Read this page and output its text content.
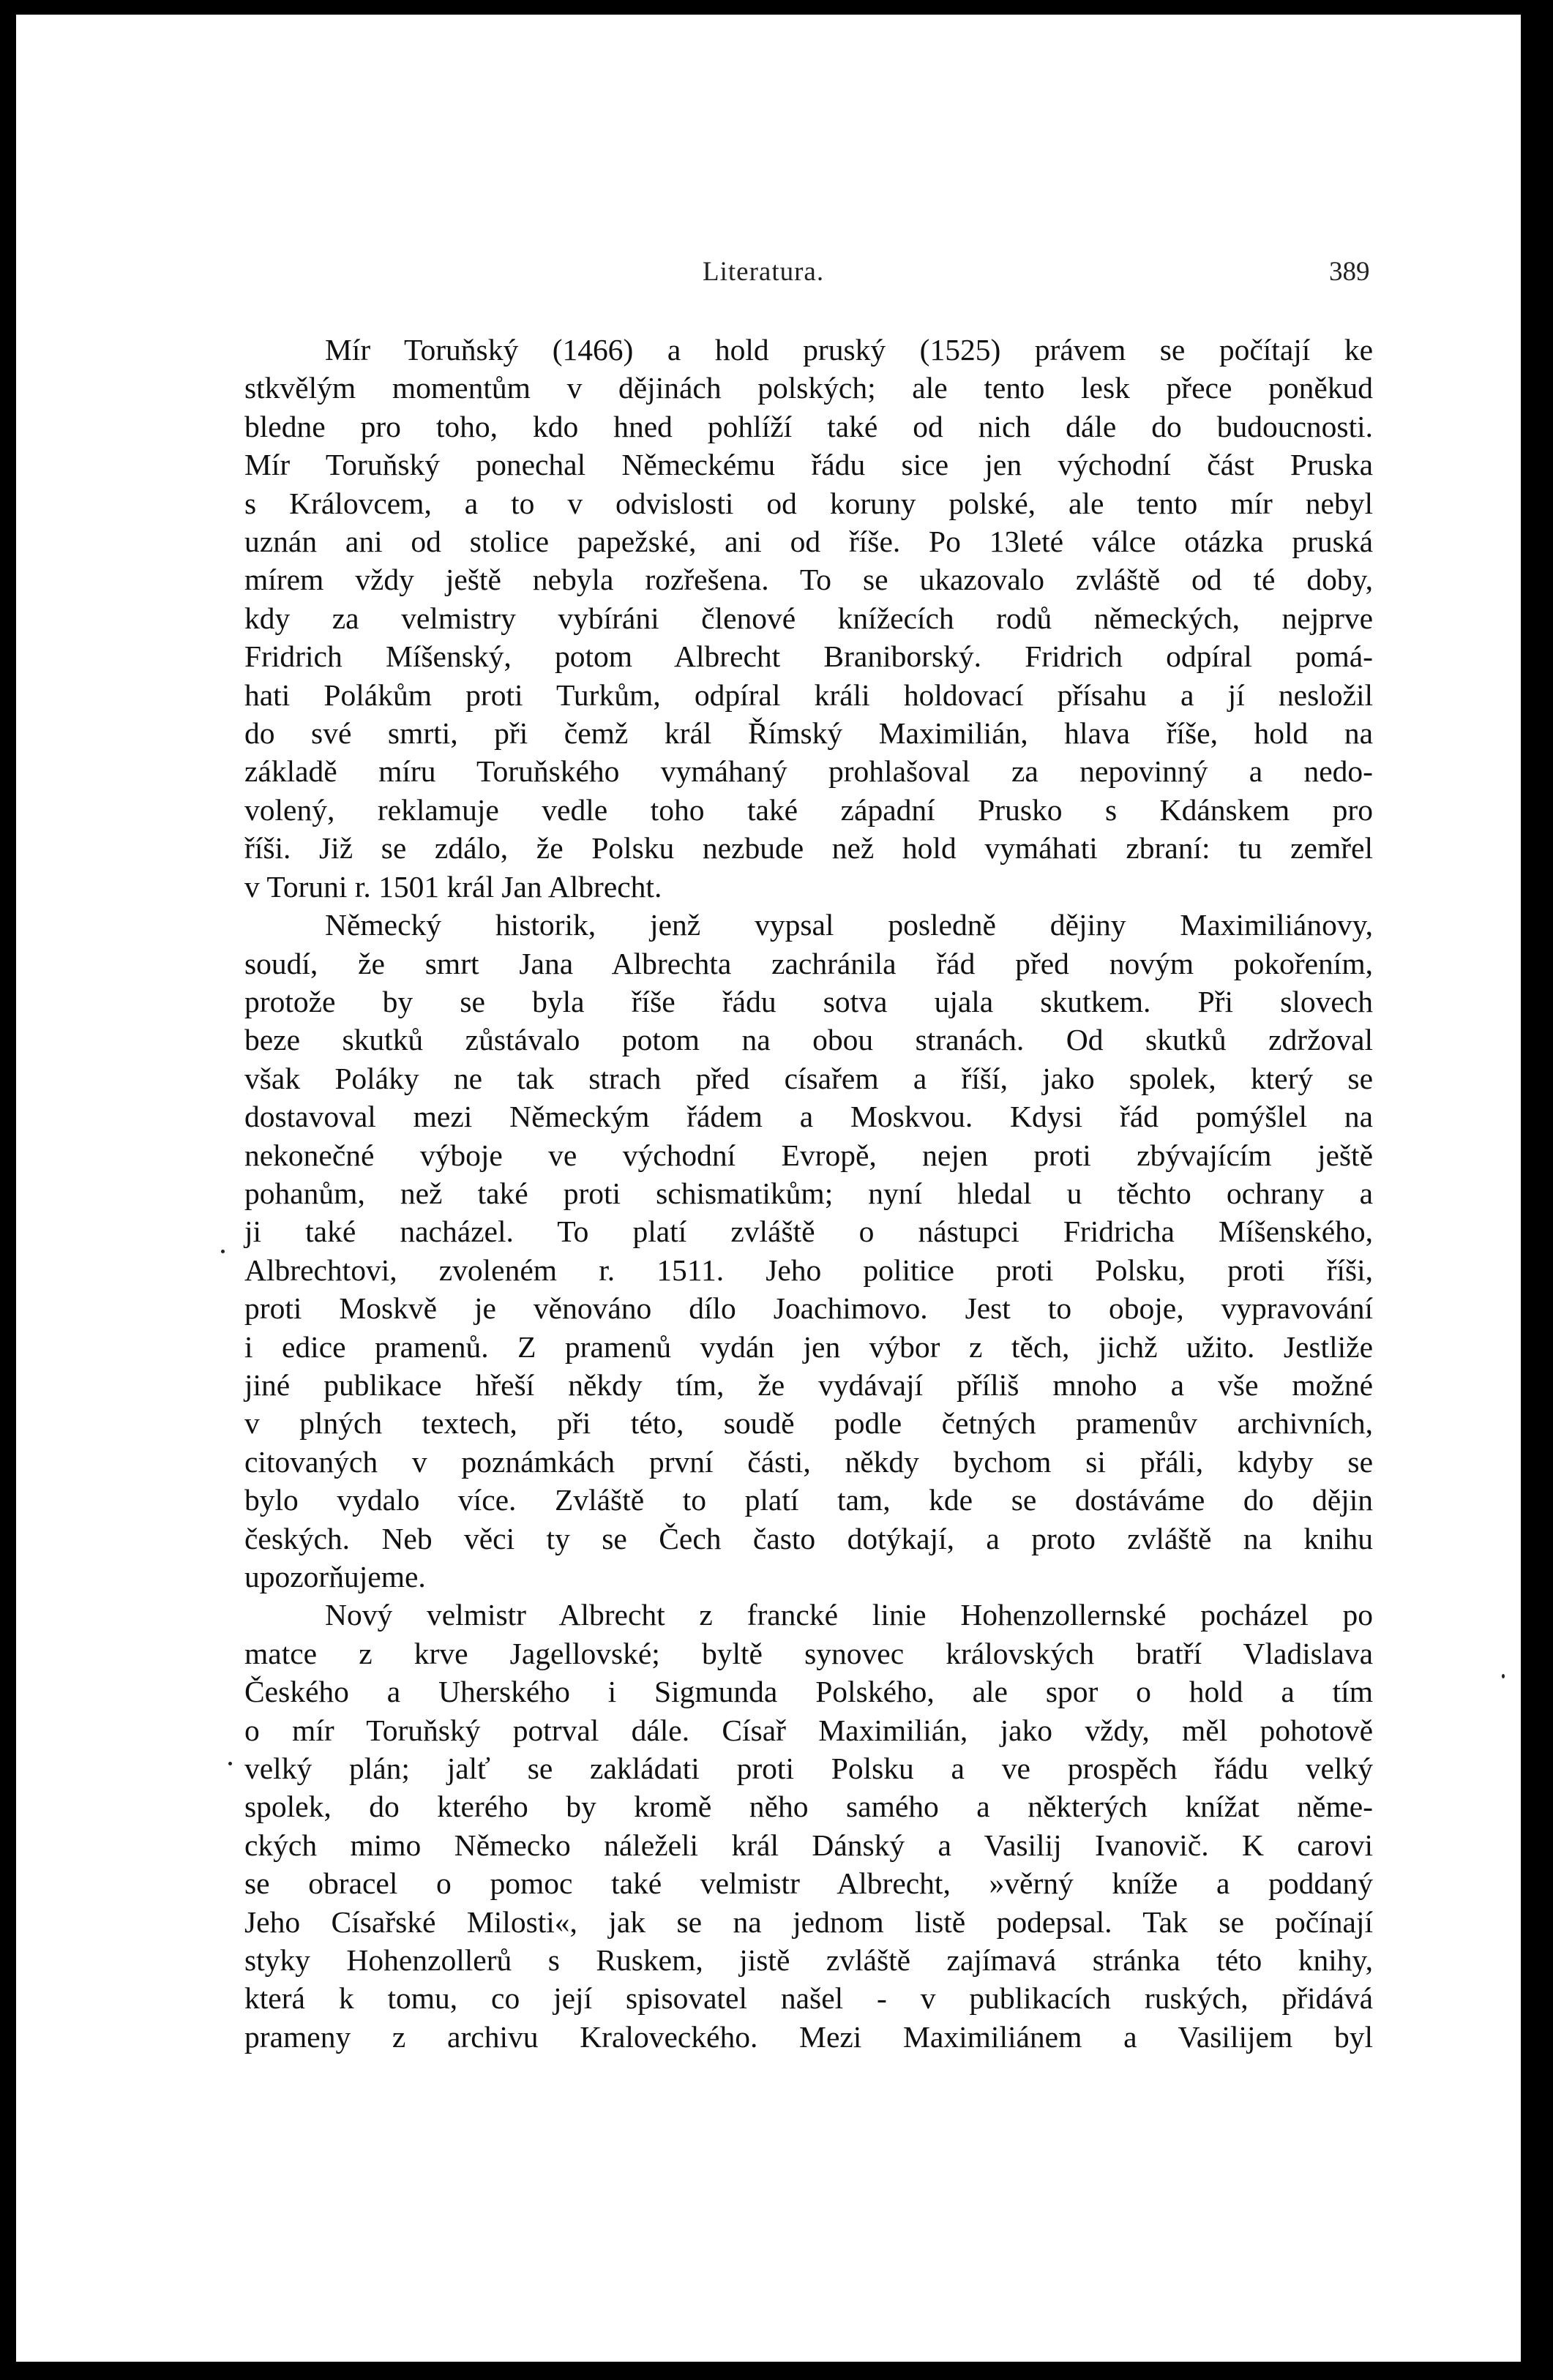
Literatura.	389

Mír Toruňský (1466) a hold pruský (1525) právem se počítají ke
stkvělým momentům v dějinách polských; ale tento lesk přece poněkud
bledne pro toho, kdo hned pohlíží také od nich dále do budoucnosti.
Mír Toruňský ponechal Německému řádu sice jen východní část Pruska
s Královcem, a to v odvislosti od koruny polské, ale tento mír nebyl
uznán ani od stolice papežské, ani od říše. Po 13leté válce otázka pruská
mírem vždy ještě nebyla rozřešena. To se ukazovalo zvláště od té doby,
kdy za velmistry vybíráni členové knížecích rodů německých, nejprve
Fridrich Míšenský, potom Albrecht Braniborský. Fridrich odpíral pomá-
hati Polákům proti Turkům, odpíral králi holdovací přísahu a jí nesložil
do své smrti, při čemž král Římský Maximilián, hlava říše, hold na
základě míru Toruňského vymáhaný prohlašoval za nepovinný a nedo-
volený, reklamuje vedle toho také západní Prusko s Kdánskem pro
říši. Již se zdálo, že Polsku nezbude než hold vymáhati zbraní: tu zemřel
v Toruni r. 1501 král Jan Albrecht.

Německý historik, jenž vypsal posledně dějiny Maximiliánovy,
soudí, že smrt Jana Albrechta zachránila řád před novým pokořením,
protože by se byla říše řádu sotva ujala skutkem. Při slovech
beze skutků zůstávalo potom na obou stranách. Od skutků zdržoval
však Poláky ne tak strach před císařem a říší, jako spolek, který se
dostavoval mezi Německým řádem a Moskvou. Kdysi řád pomýšlel na
nekonečné výboje ve východní Evropě, nejen proti zbývajícím ještě
pohanům, než také proti schismatikům; nyní hledal u těchto ochrany a
ji také nacházel. To platí zvláště o nástupci Fridricha Míšenského,
Albrechtovi, zvoleném r. 1511. Jeho politice proti Polsku, proti říši,
proti Moskvě je věnováno dílo Joachimovo. Jest to oboje, vypravování
i edice pramenů. Z pramenů vydán jen výbor z těch, jichž užito. Jestliže
jiné publikace hřeší někdy tím, že vydávají příliš mnoho a vše možné
v plných textech, při této, soudě podle četných pramenův archivních,
citovaných v poznámkách první části, někdy bychom si přáli, kdyby se
bylo vydalo více. Zvláště to platí tam, kde se dostáváme do dějin
českých. Neb věci ty se Čech často dotýkají, a proto zvláště na knihu
upozorňujeme.

Nový velmistr Albrecht z francké linie Hohenzollernské pocházel po
matce z krve Jagellovské; byltě synovec královských bratří Vladislava
Českého a Uherského i Sigmunda Polského, ale spor o hold a tím
o mír Toruňský potrval dále. Císař Maximilián, jako vždy, měl pohotově
velký plán; jalť se zakládati proti Polsku a ve prospěch řádu velký
spolek, do kterého by kromě něho samého a některých knížat něme-
ckých mimo Německo náleželi král Dánský a Vasilij Ivanovič. K carovi
se obracel o pomoc také velmistr Albrecht, »věrný kníže a poddaný
Jeho Císařské Milosti«, jak se na jednom listě podepsal. Tak se počínají
styky Hohenzollerů s Ruskem, jistě zvláště zajímavá stránka této knihy,
která k tomu, co její spisovatel našel - v publikacích ruských, přidává
prameny z archivu Kraloveckého. Mezi Maximiliánem a Vasilijem byl
